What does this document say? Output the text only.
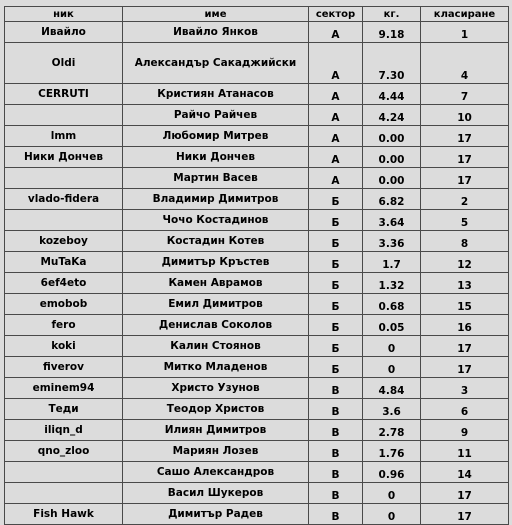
ник	име	сектор	кг.	класиране
Ивайло	Ивайло Янков	A	9.18	1
Oldi	Александър Сакаджийски	A	7.30	4
CERRUTI	Кристиян Атанасов	A	4.44	7
	Райчо Райчев	A	4.24	10
lmm	Любомир Митрев	A	0.00	17
Ники Дончев	Ники Дончев	A	0.00	17
	Мартин Васев	A	0.00	17
vlado-fidera	Владимир Димитров	Б	6.82	2
	Чочо Костадинов	Б	3.64	5
kozeboy	Костадин Котев	Б	3.36	8
MuTaKa	Димитър Кръстев	Б	1.7	12
6ef4eto	Камен Аврамов	Б	1.32	13
emobob	Емил Димитров	Б	0.68	15
fero	Денислав Соколов	Б	0.05	16
koki	Калин Стоянов	Б	0	17
fiverov	Митко Младенов	Б	0	17
eminem94	Христо Узунов	В	4.84	3
Теди	Теодор Христов	В	3.6	6
iliqn_d	Илиян Димитров	В	2.78	9
qno_zloo	Мариян Лозев	В	1.76	11
	Сашо Александров	В	0.96	14
	Васил Шукеров	В	0	17
Fish Hawk	Димитър Радев	В	0	17
